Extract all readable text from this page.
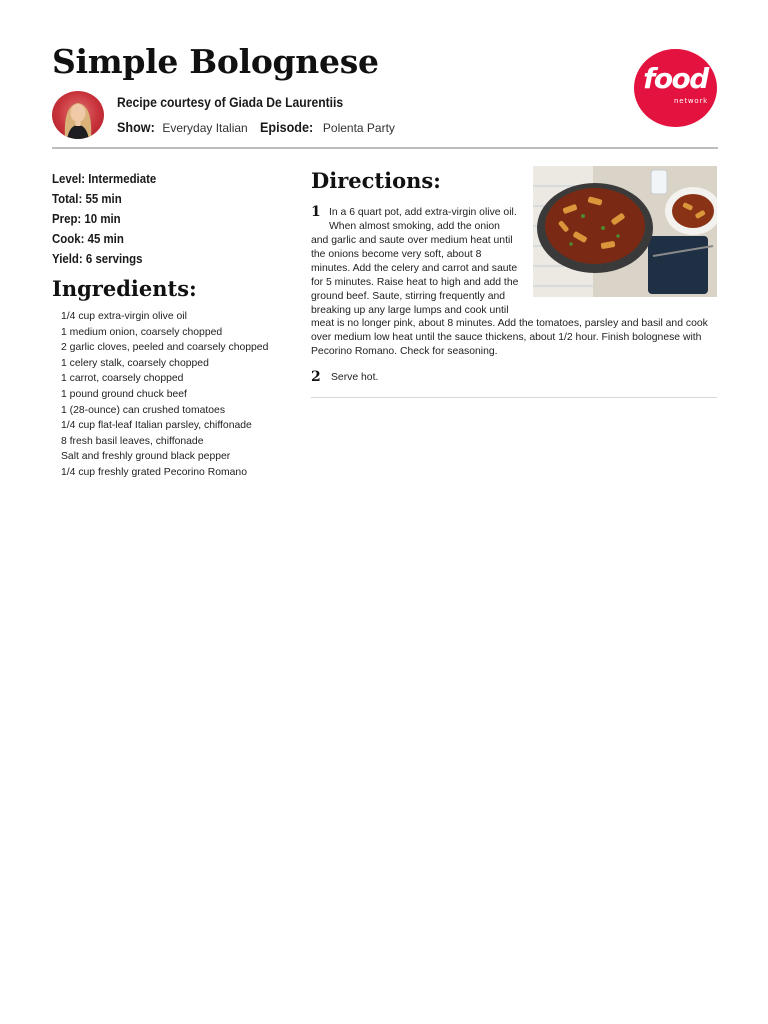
Simple Bolognese
Recipe courtesy of Giada De Laurentiis
Show: Everyday Italian Episode: Polenta Party
food
network
Level: Intermediate
Total: 55 min
Prep: 10 min
Cook: 45 min
Yield: 6 servings
Ingredients:
1/4 cup extra-virgin olive oil
1 medium onion, coarsely chopped
2 garlic cloves, peeled and coarsely chopped
1 celery stalk, coarsely chopped
1 carrot, coarsely chopped
1 pound ground chuck beef
1 (28-ounce) can crushed tomatoes
1/4 cup flat-leaf Italian parsley, chiffonade
8 fresh basil leaves, chiffonade
Salt and freshly ground black pepper
1/4 cup freshly grated Pecorino Romano
Directions:
1 In a 6 quart pot, add extra-virgin olive oil.
When almost smoking, add the onion
and garlic and saute over medium heat until
the onions become very soft, about 8
minutes. Add the celery and carrot and saute
for 5 minutes. Raise heat to high and add the
ground beef. Saute, stirring frequently and
breaking up any large lumps and cook until
meat is no longer pink, about 8 minutes. Add the tomatoes, parsley and basil and cook
over medium low heat until the sauce thickens, about 1/2 hour. Finish bolognese with
Pecorino Romano. Check for seasoning.
2 Serve hot.
